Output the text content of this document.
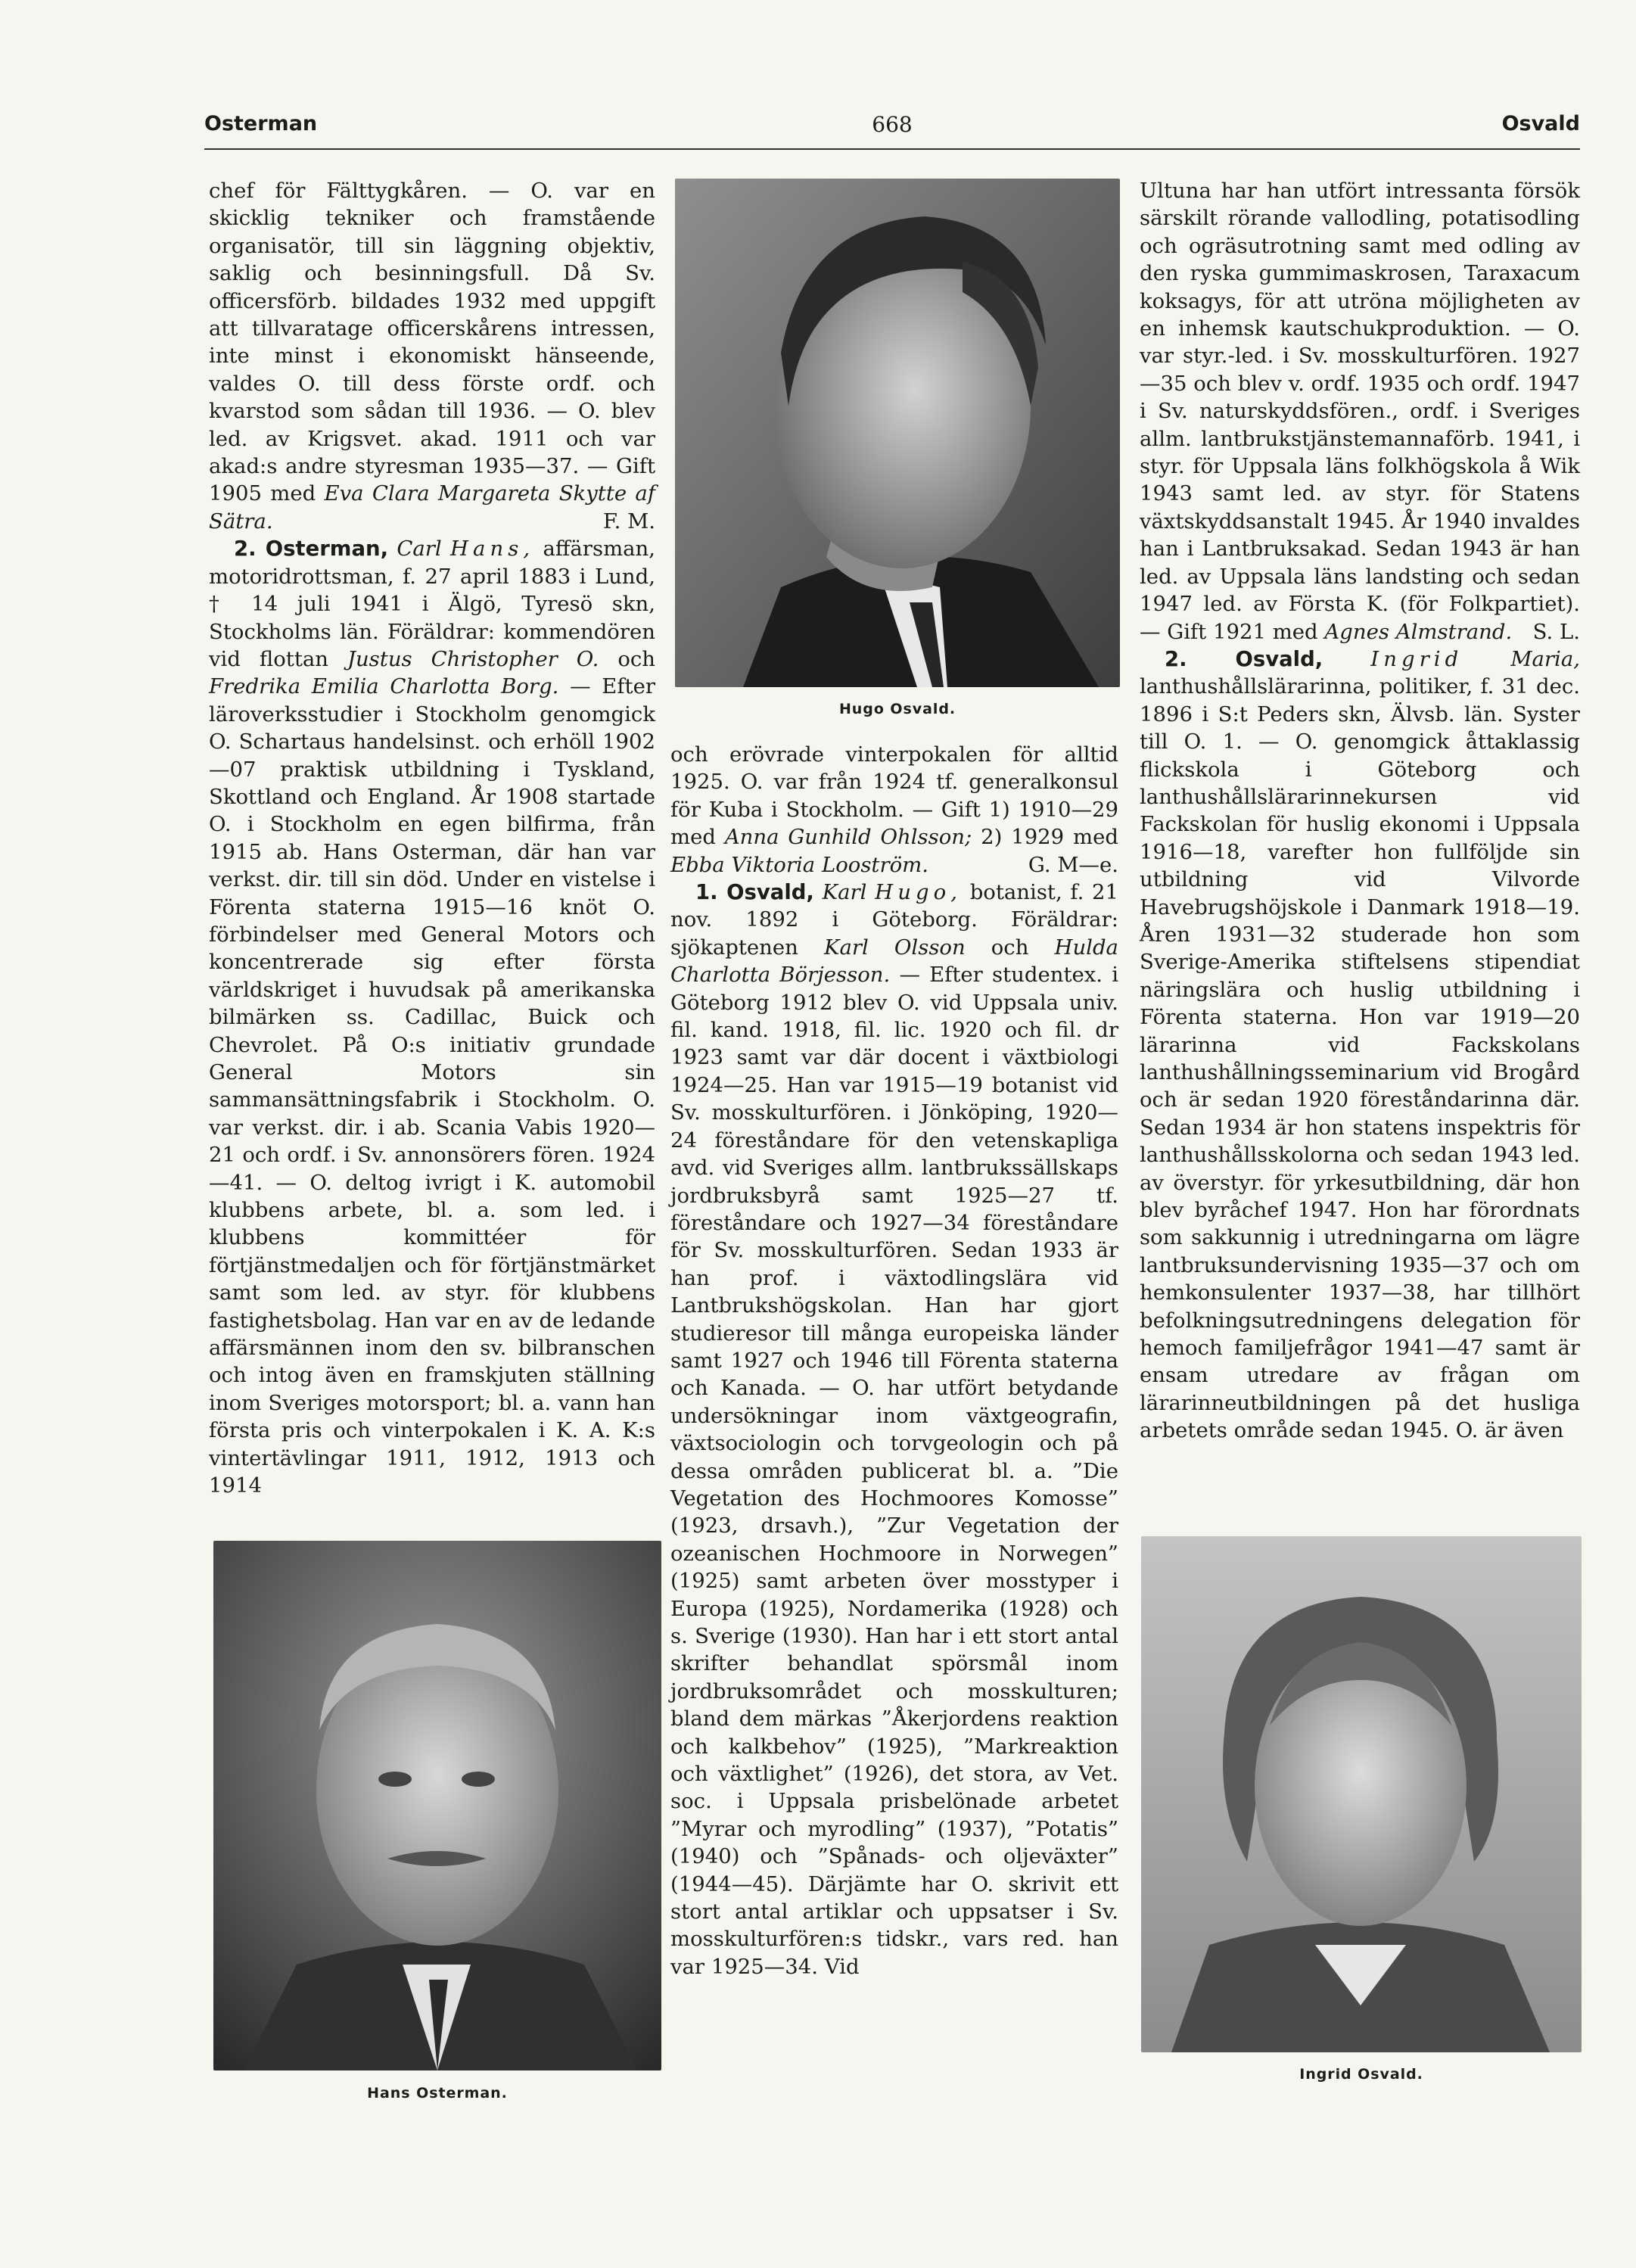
Osterman	668	Osvald

chef för Fälttygkåren. — O. var en skicklig tekniker och framstående organisatör, till sin läggning objektiv, saklig och besinningsfull. Då Sv. officersförb. bildades 1932 med uppgift att tillvaratage officerskårens intressen, inte minst i ekonomiskt hänseende, valdes O. till dess förste ordf. och kvarstod som sådan till 1936. — O. blev led. av Krigsvet. akad. 1911 och var akad:s andre styresman 1935—37. — Gift 1905 med Eva Clara Margareta Skytte af Sätra.	F. M.

2. Osterman, Carl Hans, affärsman, motoridrottsman, f. 27 april 1883 i Lund, † 14 juli 1941 i Älgö, Tyresö skn, Stockholms län. Föräldrar: kommendören vid flottan Justus Christopher O. och Fredrika Emilia Charlotta Borg. — Efter läroverksstudier i Stockholm genomgick O. Schartaus handelsinst. och erhöll 1902—07 praktisk utbildning i Tyskland, Skottland och England. År 1908 startade O. i Stockholm en egen bilfirma, från 1915 ab. Hans Osterman, där han var verkst. dir. till sin död. Under en vistelse i Förenta staterna 1915—16 knöt O. förbindelser med General Motors och koncentrerade sig efter första världskriget i huvudsak på amerikanska bilmärken ss. Cadillac, Buick och Chevrolet. På O:s initiativ grundade General Motors sin sammansättningsfabrik i Stockholm. O. var verkst. dir. i ab. Scania Vabis 1920—21 och ordf. i Sv. annonsörers fören. 1924—41. — O. deltog ivrigt i K. automobil klubbens arbete, bl. a. som led. i klubbens kommittéer för förtjänstmedaljen och för förtjänstmärket samt som led. av styr. för klubbens fastighetsbolag. Han var en av de ledande affärsmännen inom den sv. bilbranschen och intog även en framskjuten ställning inom Sveriges motorsport; bl. a. vann han första pris och vinterpokalen i K. A. K:s vintertävlingar 1911, 1912, 1913 och 1914

och erövrade vinterpokalen för alltid 1925. O. var från 1924 tf. generalkonsul för Kuba i Stockholm. — Gift 1) 1910—29 med Anna Gunhild Ohlsson; 2) 1929 med Ebba Viktoria Looström.	G. M—e.

1. Osvald, Karl Hugo, botanist, f. 21 nov. 1892 i Göteborg. Föräldrar: sjökaptenen Karl Olsson och Hulda Charlotta Börjesson. — Efter studentex. i Göteborg 1912 blev O. vid Uppsala univ. fil. kand. 1918, fil. lic. 1920 och fil. dr 1923 samt var där docent i växtbiologi 1924—25. Han var 1915—19 botanist vid Sv. mosskulturfören. i Jönköping, 1920—24 föreståndare för den vetenskapliga avd. vid Sveriges allm. lantbrukssällskaps jordbruksbyrå samt 1925—27 tf. föreståndare och 1927—34 föreståndare för Sv. mosskulturfören. Sedan 1933 är han prof. i växtodlingslära vid Lantbrukshögskolan. Han har gjort studieresor till många europeiska länder samt 1927 och 1946 till Förenta staterna och Kanada. — O. har utfört betydande undersökningar inom växtgeografin, växtsociologin och torvgeologin och på dessa områden publicerat bl. a. ”Die Vegetation des Hochmoores Komosse” (1923, drsavh.), ”Zur Vegetation der ozeanischen Hochmoore in Norwegen” (1925) samt arbeten över mosstyper i Europa (1925), Nordamerika (1928) och s. Sverige (1930). Han har i ett stort antal skrifter behandlat spörsmål inom jordbruksområdet och mosskulturen; bland dem märkas ”Åkerjordens reaktion och kalkbehov” (1925), ”Markreaktion och växtlighet” (1926), det stora, av Vet. soc. i Uppsala prisbelönade arbetet ”Myrar och myrodling” (1937), ”Potatis” (1940) och ”Spånads- och oljeväxter” (1944—45). Därjämte har O. skrivit ett stort antal artiklar och uppsatser i Sv. mosskulturfören:s tidskr., vars red. han var 1925—34. Vid

Ultuna har han utfört intressanta försök särskilt rörande vallodling, potatisodling och ogräsutrotning samt med odling av den ryska gummimaskrosen, Taraxacum koksagys, för att utröna möjligheten av en inhemsk kautschukproduktion. — O. var styr.-led. i Sv. mosskulturfören. 1927—35 och blev v. ordf. 1935 och ordf. 1947 i Sv. naturskyddsfören., ordf. i Sveriges allm. lantbrukstjänstemannaförb. 1941, i styr. för Uppsala läns folkhögskola å Wik 1943 samt led. av styr. för Statens växtskyddsanstalt 1945. År 1940 invaldes han i Lantbruksakad. Sedan 1943 är han led. av Uppsala läns landsting och sedan 1947 led. av Första K. (för Folkpartiet). — Gift 1921 med Agnes Almstrand. S. L.

2. Osvald, Ingrid Maria, lanthushållslärarinna, politiker, f. 31 dec. 1896 i S:t Peders skn, Älvsb. län. Syster till O. 1. — O. genomgick åttaklassig flickskola i Göteborg och lanthushållslärarinnekursen vid Fackskolan för huslig ekonomi i Uppsala 1916—18, varefter hon fullföljde sin utbildning vid Vilvorde Havebrugshöjskole i Danmark 1918—19. Åren 1931—32 studerade hon som Sverige-Amerika stiftelsens stipendiat näringslära och huslig utbildning i Förenta staterna. Hon var 1919—20 lärarinna vid Fackskolans lanthushållningsseminarium vid Brogård och är sedan 1920 föreståndarinna där. Sedan 1934 är hon statens inspektris för lanthushållsskolorna och sedan 1943 led. av överstyr. för yrkesutbildning, där hon blev byråchef 1947. Hon har förordnats som sakkunnig i utredningarna om lägre lantbruksundervisning 1935—37 och om hemkonsulenter 1937—38, har tillhört befolkningsutredningens delegation för hemoch familjefrågor 1941—47 samt är ensam utredare av frågan om lärarinneutbildningen på det husliga arbetets område sedan 1945. O. är även

Hugo Osvald.
Hans Osterman.
Ingrid Osvald.
